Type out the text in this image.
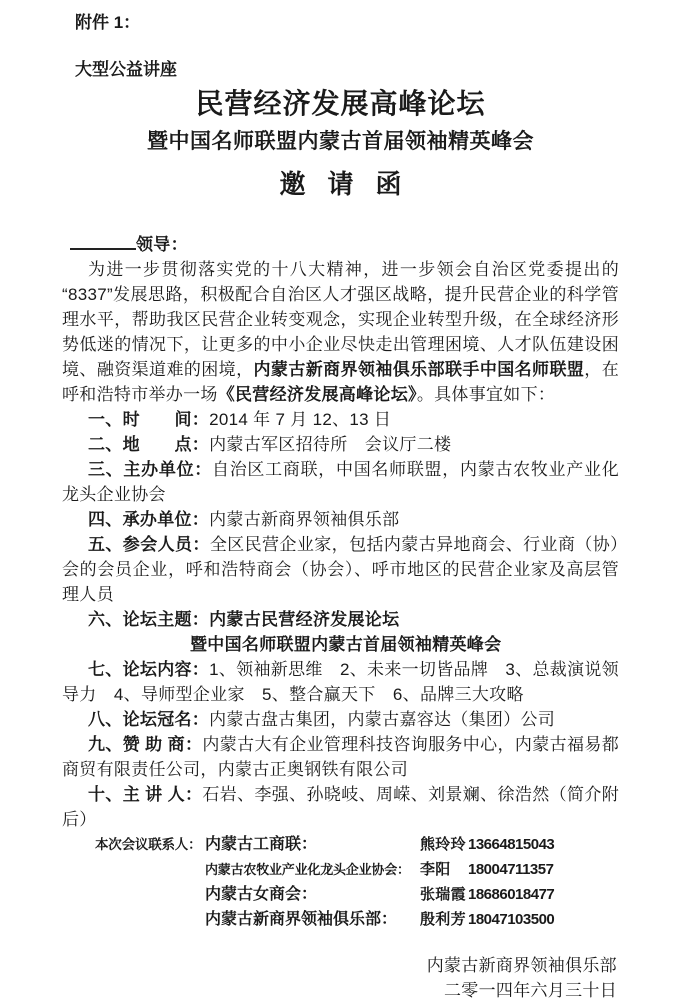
附件 1：
大型公益讲座
民营经济发展高峰论坛
暨中国名师联盟内蒙古首届领袖精英峰会
邀请函
领导：

为进一步贯彻落实党的十八大精神，进一步领会自治区党委提出的“8337”发展思路，积极配合自治区人才强区战略，提升民营企业的科学管理水平，帮助我区民营企业转变观念，实现企业转型升级，在全球经济形势低迷的情况下，让更多的中小企业尽快走出管理困境、人才队伍建设困境、融资渠道难的困境，内蒙古新商界领袖俱乐部联手中国名师联盟，在呼和浩特市举办一场《民营经济发展高峰论坛》。具体事宜如下：

一、时　　间：2014 年 7 月 12、13 日

二、地　　点：内蒙古军区招待所　会议厅二楼

三、主办单位：自治区工商联，中国名师联盟，内蒙古农牧业产业化龙头企业协会

四、承办单位：内蒙古新商界领袖俱乐部

五、参会人员：全区民营企业家，包括内蒙古异地商会、行业商（协）会的会员企业，呼和浩特商会（协会）、呼市地区的民营企业家及高层管理人员

六、论坛主题：内蒙古民营经济发展论坛

暨中国名师联盟内蒙古首届领袖精英峰会

七、论坛内容：1、领袖新思维　2、未来一切皆品牌　3、总裁演说领导力　4、导师型企业家　5、整合赢天下　6、品牌三大攻略

八、论坛冠名：内蒙古盘古集团，内蒙古嘉容达（集团）公司

九、赞 助 商：内蒙古大有企业管理科技咨询服务中心，内蒙古福易都商贸有限责任公司，内蒙古正奥钢铁有限公司

十、主 讲 人：石岩、李强、孙晓岐、周嵘、刘景斓、徐浩然（简介附后）

本次会议联系人： 内蒙古工商联：	熊玲玲 13664815043
内蒙古农牧业产业化龙头企业协会： 李阳	18004711357
内蒙古女商会：	张瑞霞 18686018477
内蒙古新商界领袖俱乐部：	殷利芳 18047103500
内蒙古新商界领袖俱乐部
二零一四年六月三十日
